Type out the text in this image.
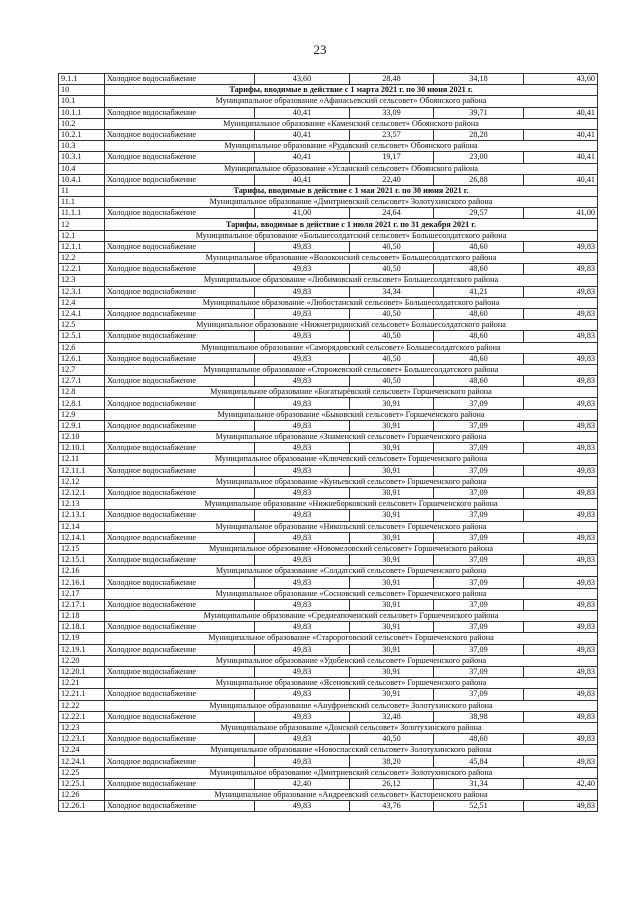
23
9.1.1	Холодное водоснабжение	43,60	28,48	34,18	43,60
10	Тарифы, вводимые в действие с 1 марта 2021 г. по 30 июня 2021 г.				
10.1	Муниципальное образование «Афанасьевский сельсовет» Обоянского района				
10.1.1	Холодное водоснабжение	40,41	33,09	39,71	40,41
10.2	Муниципальное образование «Каменский сельсовет» Обоянского района				
10.2.1	Холодное водоснабжение	40,41	23,57	28,28	40,41
10.3	Муниципальное образование «Рудавский сельсовет» Обоянского района				
10.3.1	Холодное водоснабжение	40,41	19,17	23,00	40,41
10.4	Муниципальное образование «Усланский сельсовет» Обоянского района				
10.4.1	Холодное водоснабжение	40,41	22,40	26,88	40,41
11	Тарифы, вводимые в действие с 1 мая 2021 г. по 30 июня 2021 г.				
11.1	Муниципальное образование «Дмитриевский сельсовет» Золотухинского района				
11.1.1	Холодное водоснабжение	41,00	24,64	29,57	41,00
12	Тарифы, вводимые в действие с 1 июля 2021 г. по 31 декабря 2021 г.				
12.1	Муниципальное образование «Большесолдатский сельсовет» Большесолдатского района				
12.1.1	Холодное водоснабжение	49,83	40,50	48,60	49,83
12.2	Муниципальное образование «Волоконский сельсовет» Большесолдатского района				
12.2.1	Холодное водоснабжение	49,83	40,50	48,60	49,83
12.3	Муниципальное образование «Любимовский сельсовет» Большесолдатского района				
12.3.1	Холодное водоснабжение	49,83	34,34	41,21	49,83
12.4	Муниципальное образование «Любостанский сельсовет» Большесолдатского района				
12.4.1	Холодное водоснабжение	49,83	40,50	48,60	49,83
12.5	Муниципальное образование «Нижнегридинский сельсовет» Большесолдатского района				
12.5.1	Холодное водоснабжение	49,83	40,50	48,60	49,83
12.6	Муниципальное образование «Саморядовский сельсовет» Большесолдатского района				
12.6.1	Холодное водоснабжение	49,83	40,50	48,60	49,83
12.7	Муниципальное образование «Сторожевский сельсовет» Большесолдатского района				
12.7.1	Холодное водоснабжение	49,83	40,50	48,60	49,83
12.8	Муниципальное образование «Богатырёвский сельсовет» Горшеченского района				
12.8.1	Холодное водоснабжение	49,83	30,91	37,09	49,83
12.9	Муниципальное образование «Быковский сельсовет» Горшеченского района				
12.9.1	Холодное водоснабжение	49,83	30,91	37,09	49,83
12.10	Муниципальное образование «Знаменский сельсовет» Горшеченского района				
12.10.1	Холодное водоснабжение	49,83	30,91	37,09	49,83
12.11	Муниципальное образование «Ключевский сельсовет» Горшеченского района				
12.11.1	Холодное водоснабжение	49,83	30,91	37,09	49,83
12.12	Муниципальное образование «Кунъевский сельсовет» Горшеченского района				
12.12.1	Холодное водоснабжение	49,83	30,91	37,09	49,83
12.13	Муниципальное образование «Нижнеборковский сельсовет» Горшеченского района				
12.13.1	Холодное водоснабжение	49,83	30,91	37,09	49,83
12.14	Муниципальное образование «Никольский сельсовет» Горшеченского района				
12.14.1	Холодное водоснабжение	49,83	30,91	37,09	49,83
12.15	Муниципальное образование «Новомеловский сельсовет» Горшеченского района				
12.15.1	Холодное водоснабжение	49,83	30,91	37,09	49,83
12.16	Муниципальное образование «Солдатский сельсовет» Горшеченского района				
12.16.1	Холодное водоснабжение	49,83	30,91	37,09	49,83
12.17	Муниципальное образование «Сосновский сельсовет» Горшеченского района				
12.17.1	Холодное водоснабжение	49,83	30,91	37,09	49,83
12.18	Муниципальное образование «Среднеапоченский сельсовет» Горшеченского района				
12.18.1	Холодное водоснабжение	49,83	30,91	37,09	49,83
12.19	Муниципальное образование «Старороговский сельсовет» Горшеченского района				
12.19.1	Холодное водоснабжение	49,83	30,91	37,09	49,83
12.20	Муниципальное образование «Удобенский сельсовет» Горшеченского района				
12.20.1	Холодное водоснабжение	49,83	30,91	37,09	49,83
12.21	Муниципальное образование «Ясеновский сельсовет» Горшеченского района				
12.21.1	Холодное водоснабжение	49,83	30,91	37,09	49,83
12.22	Муниципальное образование «Ануфриевский сельсовет» Золотухинского района				
12.22.1	Холодное водоснабжение	49,83	32,48	38,98	49,83
12.23	Муниципальное образование «Донской сельсовет» Золотухинского района				
12.23.1	Холодное водоснабжение	49,83	40,50	48,60	49,83
12.24	Муниципальное образование «Новоспасский сельсовет» Золотухинского района				
12.24.1	Холодное водоснабжение	49,83	38,20	45,84	49,83
12.25	Муниципальное образование «Дмитриевский сельсовет» Золотухинского района				
12.25.1	Холодное водоснабжение	42,40	26,12	31,34	42,40
12.26	Муниципальное образование «Андреевский сельсовет» Касторенского района				
12.26.1	Холодное водоснабжение	49,83	43,76	52,51	49,83
